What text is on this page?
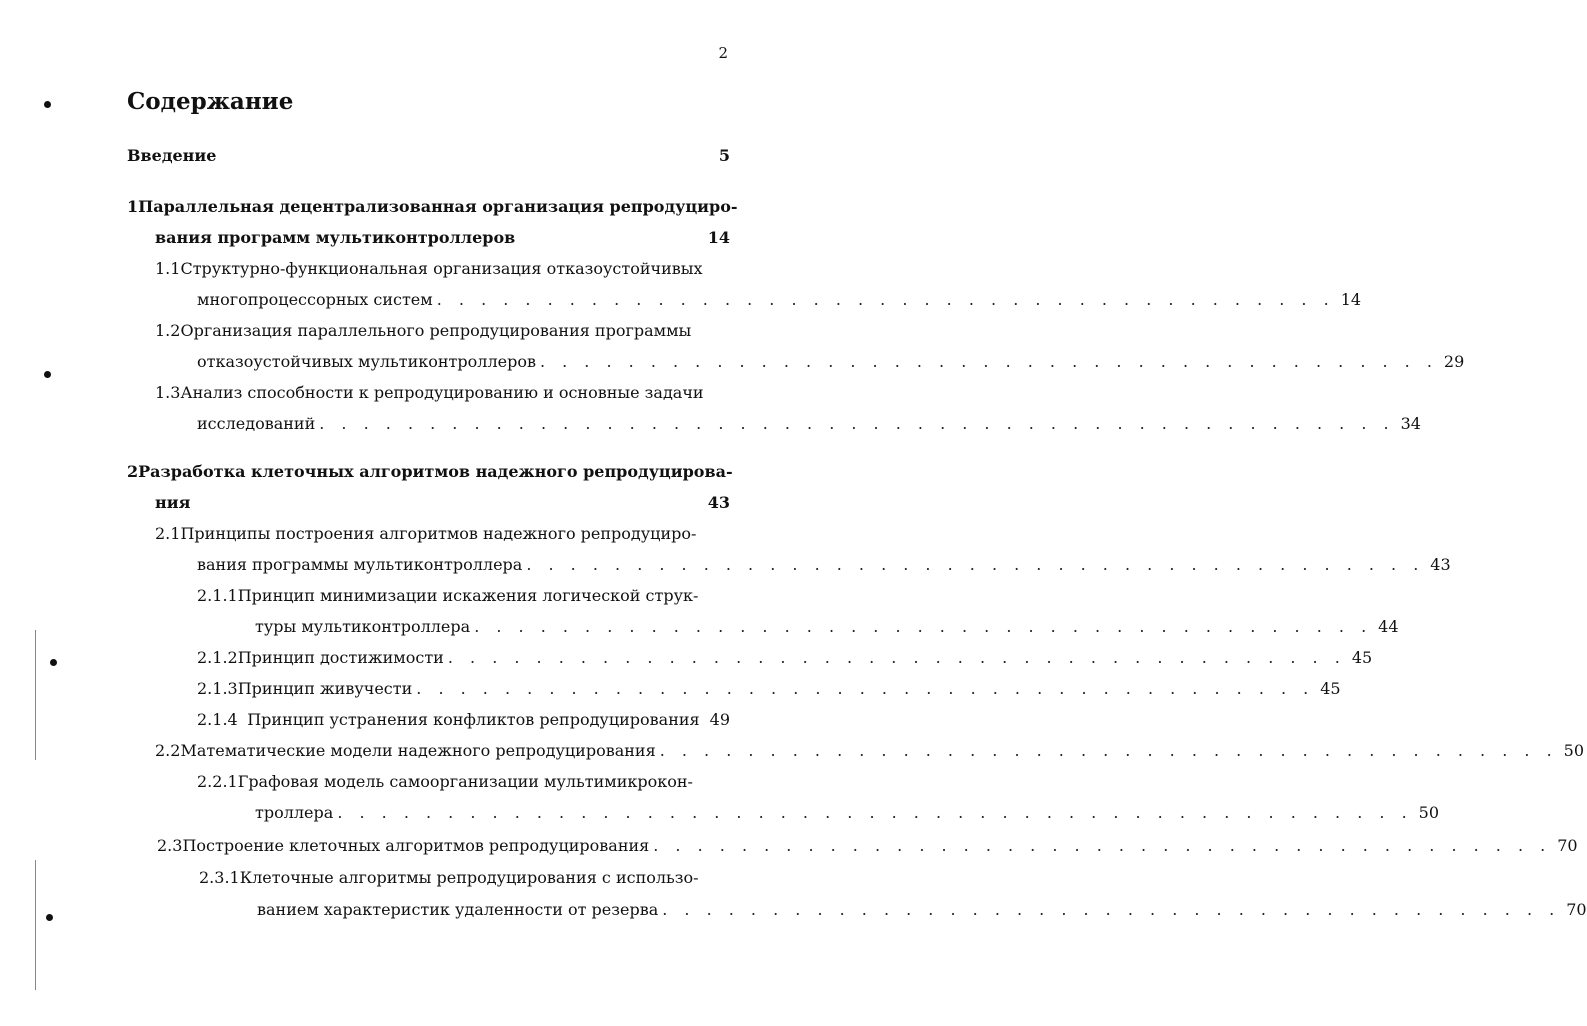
2
Содержание
Введение	5
1 Параллельная децентрализованная организация репродуциро-
вания программ мультиконтроллеров	14
1.1 Структурно-функциональная организация отказоустойчивых
многопроцессорных систем . . . . . . . . . . . . . . . . . . . . . . . . . . . . . . . . . . . . . . . . . 14
1.2 Организация параллельного репродуцирования программы
отказоустойчивых мультиконтроллеров . . . . . . . . . . . . . . . . . . . . . . . . . . . . . . . . . . . . . . . . . 29
1.3 Анализ способности к репродуцированию и основные задачи
исследований . . . . . . . . . . . . . . . . . . . . . . . . . . . . . . . . . . . . . . . . . . . . . . . . . 34
2 Разработка клеточных алгоритмов надежного репродуцирова-
ния	43
2.1 Принципы построения алгоритмов надежного репродуциро-
вания программы мультиконтроллера . . . . . . . . . . . . . . . . . . . . . . . . . . . . . . . . . . . . . . . . . 43
2.1.1 Принцип минимизации искажения логической струк-
туры мультиконтроллера . . . . . . . . . . . . . . . . . . . . . . . . . . . . . . . . . . . . . . . . . 44
2.1.2 Принцип достижимости . . . . . . . . . . . . . . . . . . . . . . . . . . . . . . . . . . . . . . . . . 45
2.1.3 Принцип живучести . . . . . . . . . . . . . . . . . . . . . . . . . . . . . . . . . . . . . . . . . 45
2.1.4 Принцип устранения конфликтов репродуцирования 49
2.2 Математические модели надежного репродуцирования . . . . . . . . . . . . . . . . . . . . . . . . . . . . . . . . . . . . . . . . . 50
2.2.1 Графовая модель самоорганизации мультимикрокон-
троллера . . . . . . . . . . . . . . . . . . . . . . . . . . . . . . . . . . . . . . . . . . . . . . . . . 50
2.3 Построение клеточных алгоритмов репродуцирования . . . . . . . . . . . . . . . . . . . . . . . . . . . . . . . . . . . . . . . . . 70
2.3.1 Клеточные алгоритмы репродуцирования с использо-
ванием характеристик удаленности от резерва . . . . . . . . . . . . . . . . . . . . . . . . . . . . . . . . . . . . . . . . . 70
